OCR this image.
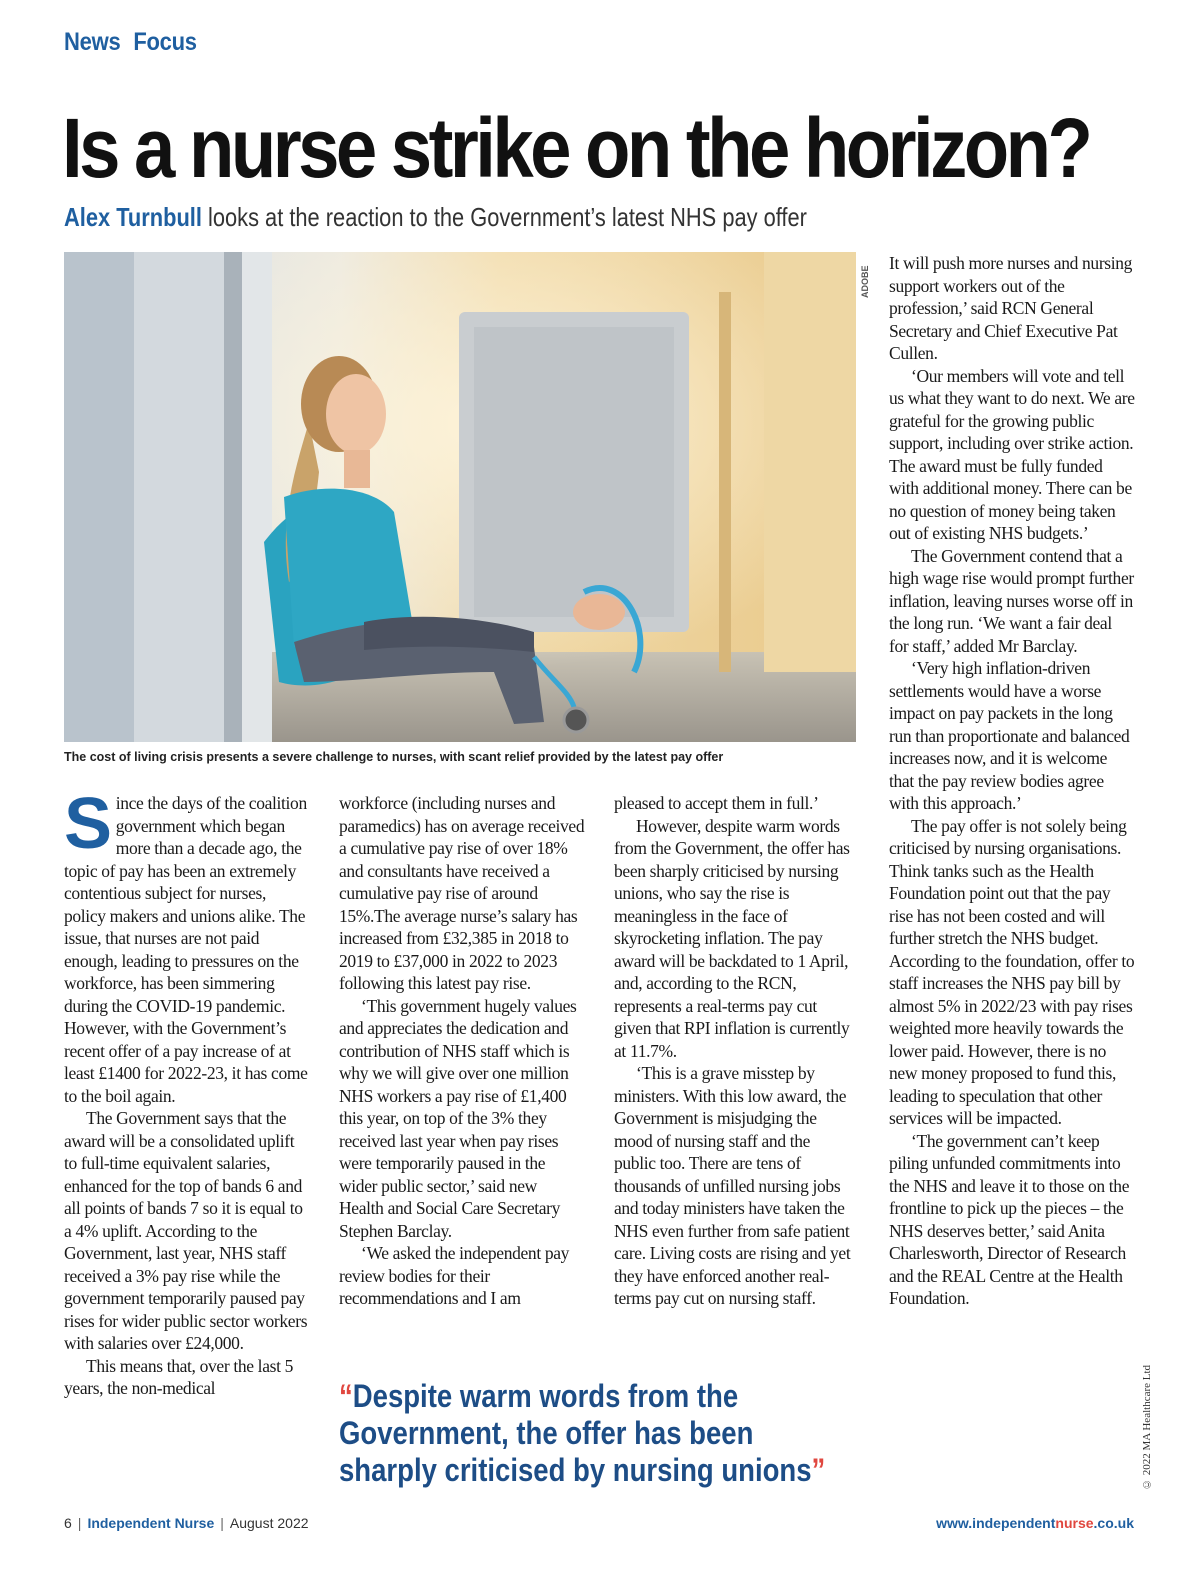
News Focus
Is a nurse strike on the horizon?
Alex Turnbull looks at the reaction to the Government’s latest NHS pay offer
ADOBE
The cost of living crisis presents a severe challenge to nurses, with scant relief provided by the latest pay offer

Since the days of the coalition government which began more than a decade ago, the topic of pay has been an extremely contentious subject for nurses, policy makers and unions alike. The issue, that nurses are not paid enough, leading to pressures on the workforce, has been simmering during the COVID-19 pandemic. However, with the Government’s recent offer of a pay increase of at least £1400 for 2022-23, it has come to the boil again.

The Government says that the award will be a consolidated uplift to full-time equivalent salaries, enhanced for the top of bands 6 and all points of bands 7 so it is equal to a 4% uplift. According to the Government, last year, NHS staff received a 3% pay rise while the government temporarily paused pay rises for wider public sector workers with salaries over £24,000.

This means that, over the last 5 years, the non-medical

workforce (including nurses and paramedics) has on average received a cumulative pay rise of over 18% and consultants have received a cumulative pay rise of around 15%.The average nurse’s salary has increased from £32,385 in 2018 to 2019 to £37,000 in 2022 to 2023 following this latest pay rise.

‘This government hugely values and appreciates the dedication and contribution of NHS staff which is why we will give over one million NHS workers a pay rise of £1,400 this year, on top of the 3% they received last year when pay rises were temporarily paused in the wider public sector,’ said new Health and Social Care Secretary Stephen Barclay.

‘We asked the independent pay review bodies for their recommendations and I am

pleased to accept them in full.’

However, despite warm words from the Government, the offer has been sharply criticised by nursing unions, who say the rise is meaningless in the face of skyrocketing inflation. The pay award will be backdated to 1 April, and, according to the RCN, represents a real-terms pay cut given that RPI inflation is currently at 11.7%.

‘This is a grave misstep by ministers. With this low award, the Government is misjudging the mood of nursing staff and the public too. There are tens of thousands of unfilled nursing jobs and today ministers have taken the NHS even further from safe patient care. Living costs are rising and yet they have enforced another real-terms pay cut on nursing staff.

It will push more nurses and nursing support workers out of the profession,’ said RCN General Secretary and Chief Executive Pat Cullen.

‘Our members will vote and tell us what they want to do next. We are grateful for the growing public support, including over strike action. The award must be fully funded with additional money. There can be no question of money being taken out of existing NHS budgets.’

The Government contend that a high wage rise would prompt further inflation, leaving nurses worse off in the long run. ‘We want a fair deal for staff,’ added Mr Barclay.

‘Very high inflation-driven settlements would have a worse impact on pay packets in the long run than proportionate and balanced increases now, and it is welcome that the pay review bodies agree with this approach.’

The pay offer is not solely being criticised by nursing organisations. Think tanks such as the Health Foundation point out that the pay rise has not been costed and will further stretch the NHS budget. According to the foundation, offer to staff increases the NHS pay bill by almost 5% in 2022/23 with pay rises weighted more heavily towards the lower paid. However, there is no new money proposed to fund this, leading to speculation that other services will be impacted.

‘The government can’t keep piling unfunded commitments into the NHS and leave it to those on the frontline to pick up the pieces – the NHS deserves better,’ said Anita Charlesworth, Director of Research and the REAL Centre at the Health Foundation.

“Despite warm words from the Government, the offer has been sharply criticised by nursing unions”	© 2022 MA Healthcare Ltd
6 | Independent Nurse | August 2022	www.independentnurse.co.uk
